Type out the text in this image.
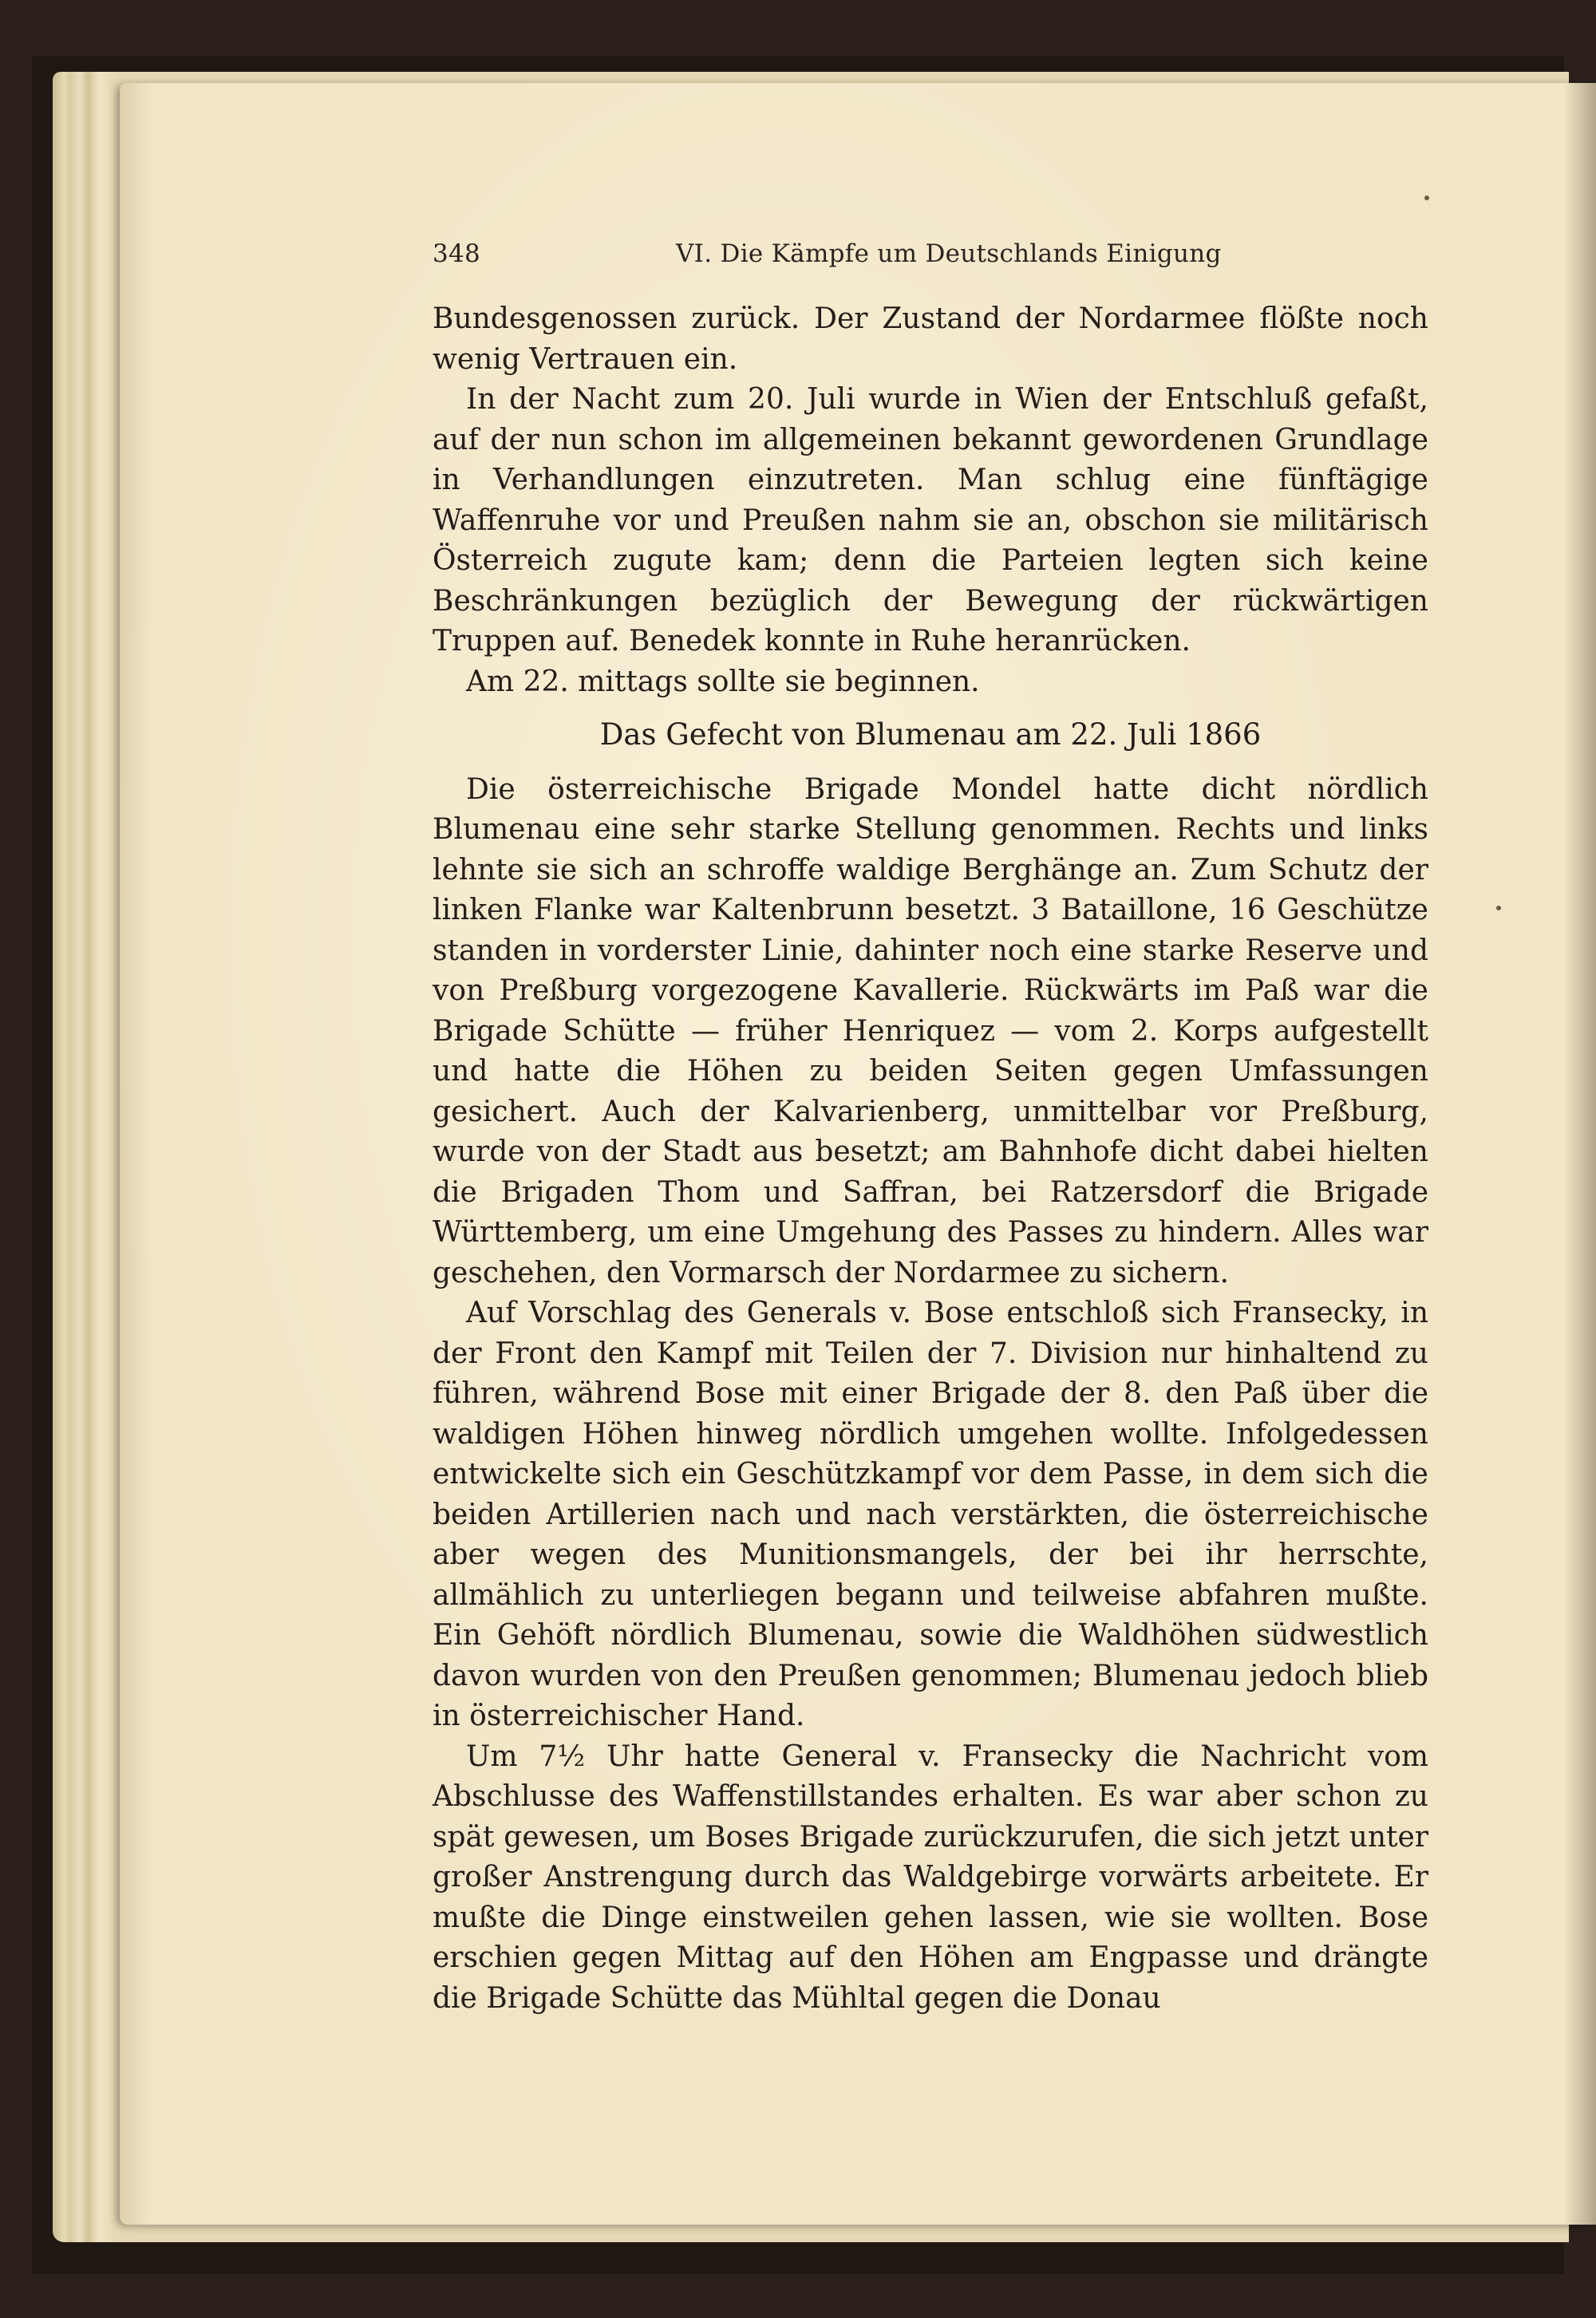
348	VI. Die Kämpfe um Deutschlands Einigung

Bundesgenossen zurück. Der Zustand der Nordarmee flößte noch wenig Vertrauen ein.

In der Nacht zum 20. Juli wurde in Wien der Entschluß gefaßt, auf der nun schon im allgemeinen bekannt gewordenen Grundlage in Verhandlungen einzutreten. Man schlug eine fünftägige Waffenruhe vor und Preußen nahm sie an, obschon sie militärisch Österreich zugute kam; denn die Parteien legten sich keine Beschränkungen bezüglich der Bewegung der rückwärtigen Truppen auf. Benedek konnte in Ruhe heranrücken.

Am 22. mittags sollte sie beginnen.

Das Gefecht von Blumenau am 22. Juli 1866

Die österreichische Brigade Mondel hatte dicht nördlich Blumenau eine sehr starke Stellung genommen. Rechts und links lehnte sie sich an schroffe waldige Berghänge an. Zum Schutz der linken Flanke war Kaltenbrunn besetzt. 3 Bataillone, 16 Geschütze standen in vorderster Linie, dahinter noch eine starke Reserve und von Preßburg vorgezogene Kavallerie. Rückwärts im Paß war die Brigade Schütte — früher Henriquez — vom 2. Korps aufgestellt und hatte die Höhen zu beiden Seiten gegen Umfassungen gesichert. Auch der Kalvarienberg, unmittelbar vor Preßburg, wurde von der Stadt aus besetzt; am Bahnhofe dicht dabei hielten die Brigaden Thom und Saffran, bei Ratzersdorf die Brigade Württemberg, um eine Umgehung des Passes zu hindern. Alles war geschehen, den Vormarsch der Nordarmee zu sichern.

Auf Vorschlag des Generals v. Bose entschloß sich Fransecky, in der Front den Kampf mit Teilen der 7. Division nur hinhaltend zu führen, während Bose mit einer Brigade der 8. den Paß über die waldigen Höhen hinweg nördlich umgehen wollte. Infolgedessen entwickelte sich ein Geschützkampf vor dem Passe, in dem sich die beiden Artillerien nach und nach verstärkten, die österreichische aber wegen des Munitionsmangels, der bei ihr herrschte, allmählich zu unterliegen begann und teilweise abfahren mußte. Ein Gehöft nördlich Blumenau, sowie die Waldhöhen südwestlich davon wurden von den Preußen genommen; Blumenau jedoch blieb in österreichischer Hand.

Um 7½ Uhr hatte General v. Fransecky die Nachricht vom Abschlusse des Waffenstillstandes erhalten. Es war aber schon zu spät gewesen, um Boses Brigade zurückzurufen, die sich jetzt unter großer Anstrengung durch das Waldgebirge vorwärts arbeitete. Er mußte die Dinge einstweilen gehen lassen, wie sie wollten. Bose erschien gegen Mittag auf den Höhen am Engpasse und drängte die Brigade Schütte das Mühltal gegen die Donau
